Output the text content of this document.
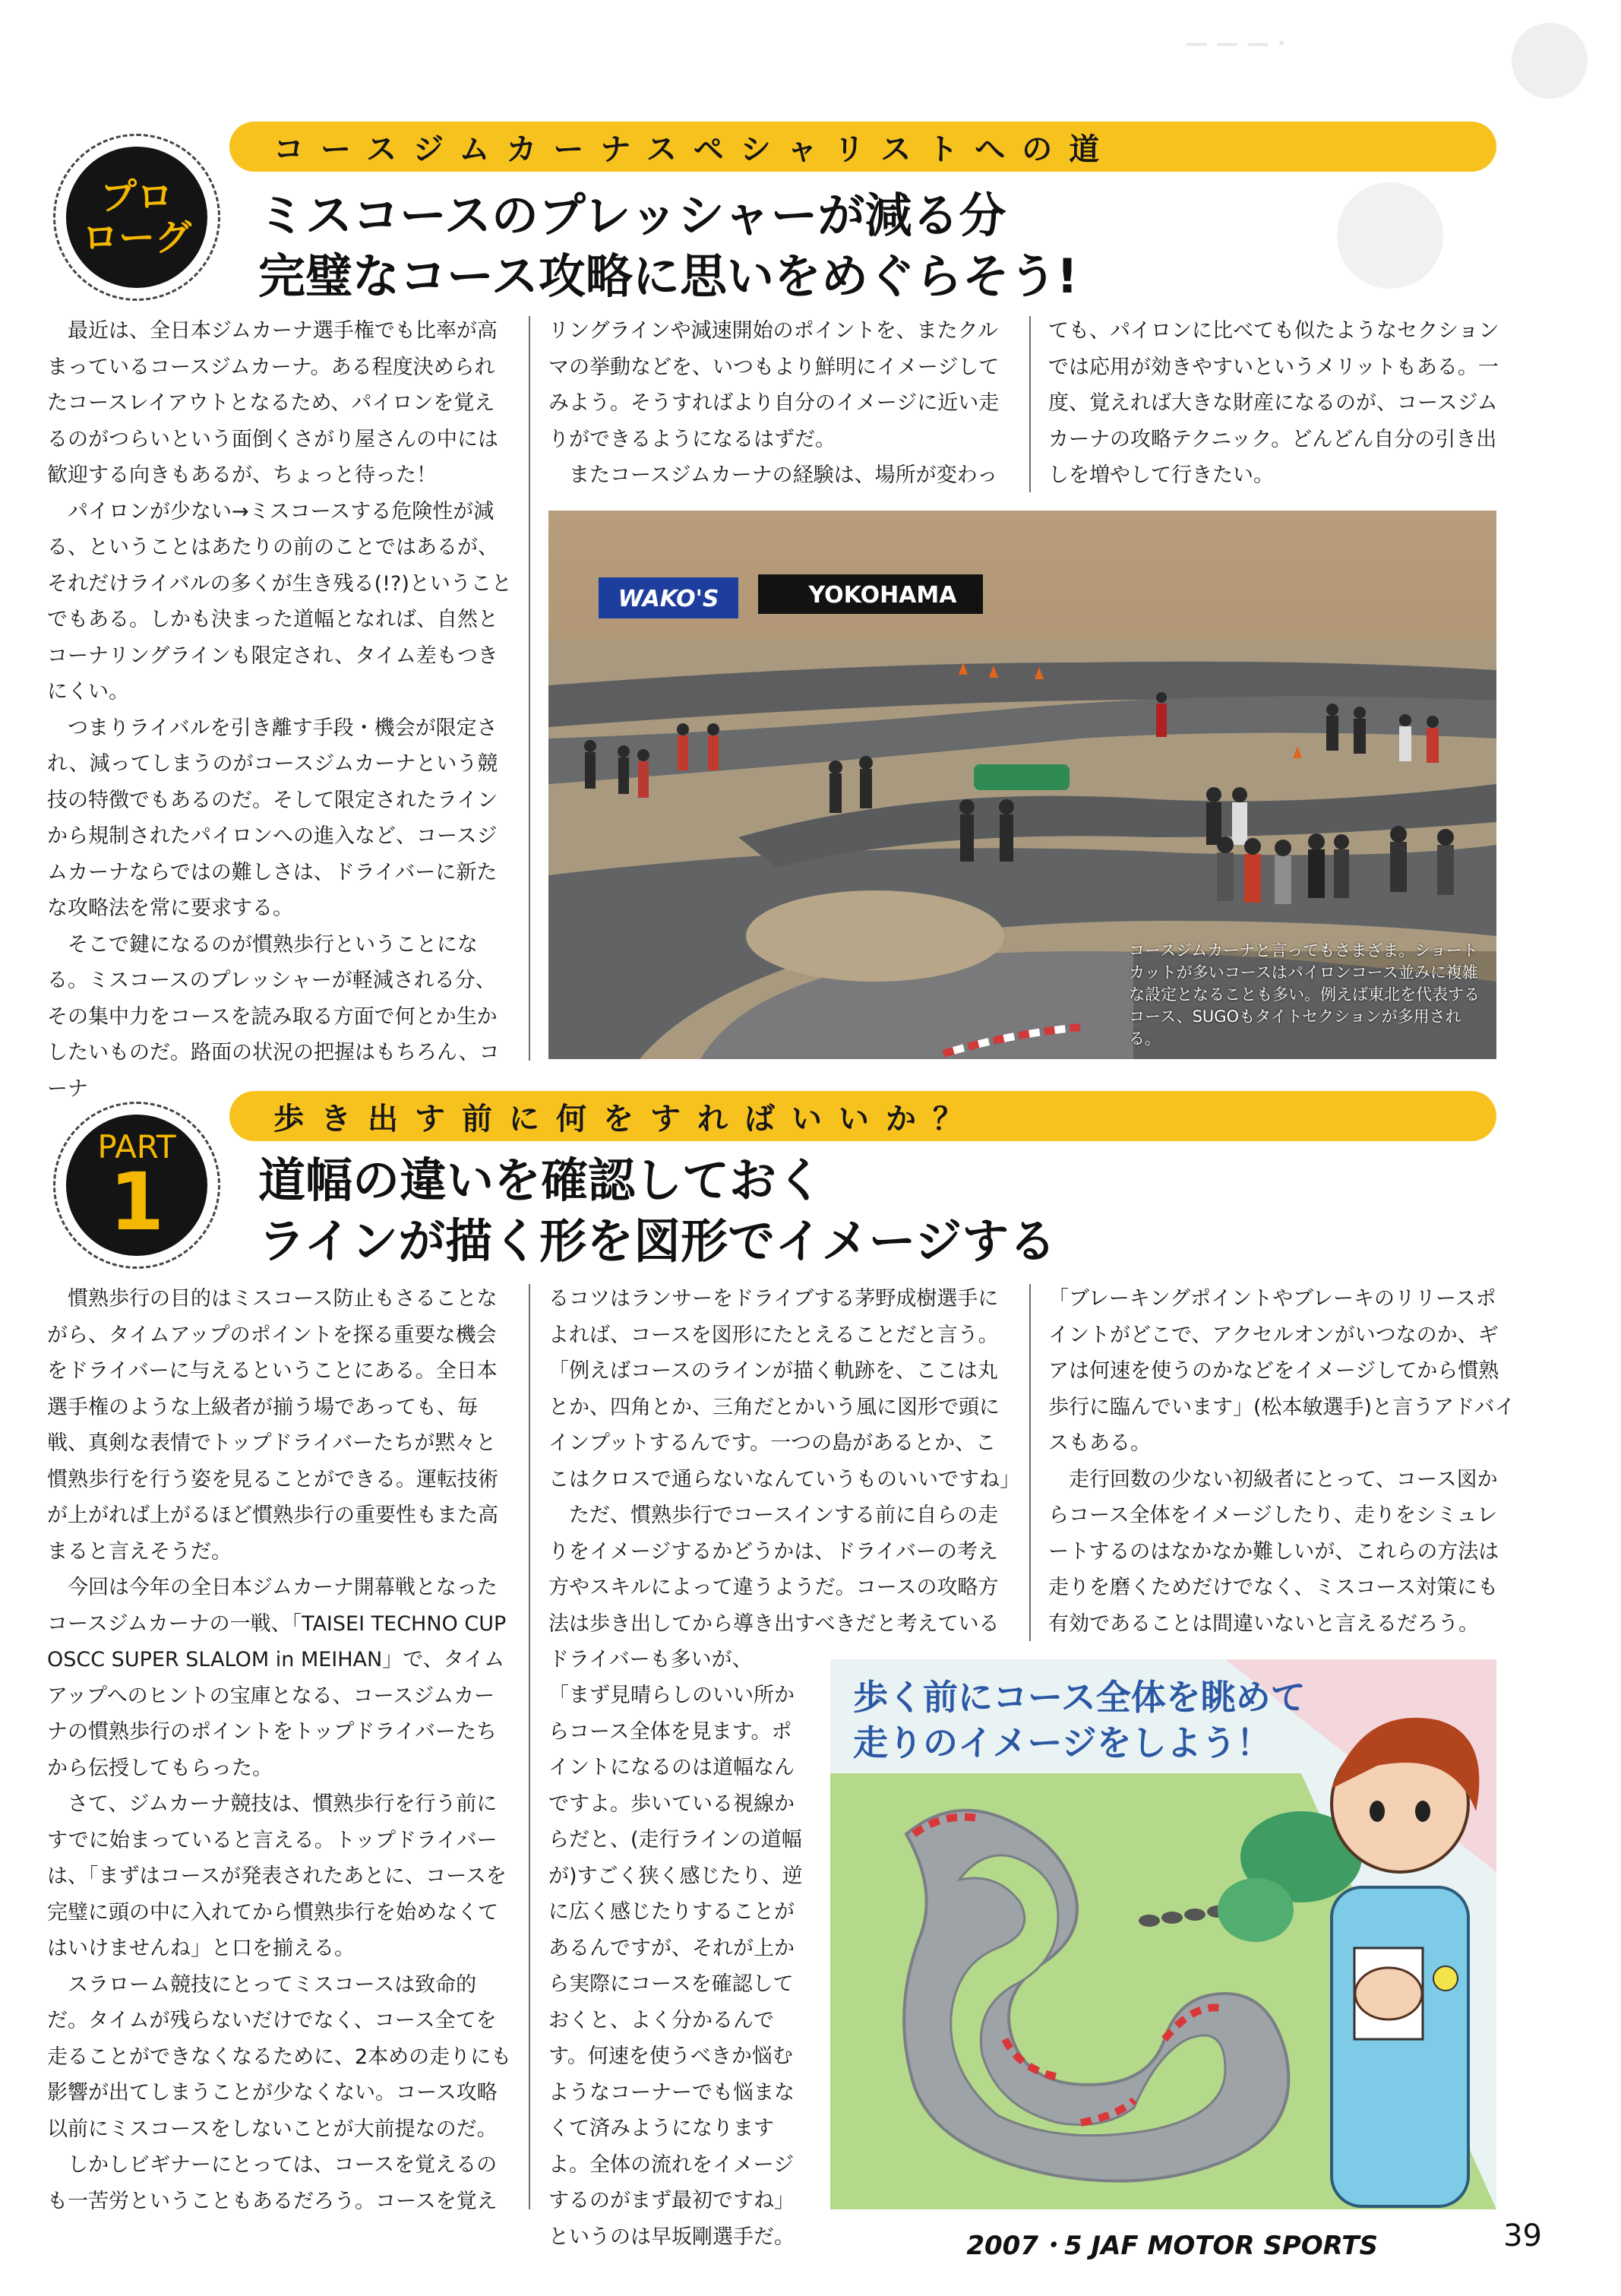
— — — ·
コースジムカーナスペシャリストへの道
プロ
ローグ ミスコースのプレッシャーが減る分
完璧なコース攻略に思いをめぐらそう!

最近は、全日本ジムカーナ選手権でも比率が高まっているコースジムカーナ。ある程度決められたコースレイアウトとなるため、パイロンを覚えるのがつらいという面倒くさがり屋さんの中には歓迎する向きもあるが、ちょっと待った！

パイロンが少ない→ミスコースする危険性が減る、ということはあたりの前のことではあるが、それだけライバルの多くが生き残る(!?)ということでもある。しかも決まった道幅となれば、自然とコーナリングラインも限定され、タイム差もつきにくい。

つまりライバルを引き離す手段・機会が限定され、減ってしまうのがコースジムカーナという競技の特徴でもあるのだ。そして限定されたラインから規制されたパイロンへの進入など、コースジムカーナならではの難しさは、ドライバーに新たな攻略法を常に要求する。

そこで鍵になるのが慣熟歩行ということになる。ミスコースのプレッシャーが軽減される分、その集中力をコースを読み取る方面で何とか生かしたいものだ。路面の状況の把握はもちろん、コーナ

リングラインや減速開始のポイントを、またクルマの挙動などを、いつもより鮮明にイメージしてみよう。そうすればより自分のイメージに近い走りができるようになるはずだ。

またコースジムカーナの経験は、場所が変わっ

ても、パイロンに比べても似たようなセクションでは応用が効きやすいというメリットもある。一度、覚えれば大きな財産になるのが、コースジムカーナの攻略テクニック。どんどん自分の引き出しを増やして行きたい。

WAKO'S	YOKOHAMA
コースジムカーナと言ってもさまざま。ショートカットが多いコースはパイロンコース並みに複雑な設定となることも多い。例えば東北を代表するコース、SUGOもタイトセクションが多用される。
歩き出す前に何をすればいいか？
PART
1 道幅の違いを確認しておく
ラインが描く形を図形でイメージする

慣熟歩行の目的はミスコース防止もさることながら、タイムアップのポイントを探る重要な機会をドライバーに与えるということにある。全日本選手権のような上級者が揃う場であっても、毎戦、真剣な表情でトップドライバーたちが黙々と慣熟歩行を行う姿を見ることができる。運転技術が上がれば上がるほど慣熟歩行の重要性もまた高まると言えそうだ。

今回は今年の全日本ジムカーナ開幕戦となったコースジムカーナの一戦、「TAISEI TECHNO CUP OSCC SUPER SLALOM in MEIHAN」で、タイムアップへのヒントの宝庫となる、コースジムカーナの慣熟歩行のポイントをトップドライバーたちから伝授してもらった。

さて、ジムカーナ競技は、慣熟歩行を行う前にすでに始まっていると言える。トップドライバーは、「まずはコースが発表されたあとに、コースを完璧に頭の中に入れてから慣熟歩行を始めなくてはいけませんね」と口を揃える。

スラローム競技にとってミスコースは致命的だ。タイムが残らないだけでなく、コース全てを走ることができなくなるために、2本めの走りにも影響が出てしまうことが少なくない。コース攻略以前にミスコースをしないことが大前提なのだ。

しかしビギナーにとっては、コースを覚えるのも一苦労ということもあるだろう。コースを覚え

るコツはランサーをドライブする茅野成樹選手によれば、コースを図形にたとえることだと言う。「例えばコースのラインが描く軌跡を、ここは丸とか、四角とか、三角だとかいう風に図形で頭にインプットするんです。一つの島があるとか、ここはクロスで通らないなんていうものいいですね」

ただ、慣熟歩行でコースインする前に自らの走りをイメージするかどうかは、ドライバーの考え方やスキルによって違うようだ。コースの攻略方法は歩き出してから導き出すべきだと考えているドライバーも多いが、

「まず見晴らしのいい所からコース全体を見ます。ポイントになるのは道幅なんですよ。歩いている視線からだと、(走行ラインの道幅が)すごく狭く感じたり、逆に広く感じたりすることがあるんですが、それが上から実際にコースを確認しておくと、よく分かるんです。何速を使うべきか悩むようなコーナーでも悩まなくて済みようになりますよ。全体の流れをイメージするのがまず最初ですね」というのは早坂剛選手だ。

「ブレーキングポイントやブレーキのリリースポイントがどこで、アクセルオンがいつなのか、ギアは何速を使うのかなどをイメージしてから慣熟歩行に臨んでいます」(松本敏選手)と言うアドバイスもある。

走行回数の少ない初級者にとって、コース図からコース全体をイメージしたり、走りをシミュレートするのはなかなか難しいが、これらの方法は走りを磨くためだけでなく、ミスコース対策にも有効であることは間違いないと言えるだろう。

歩く前にコース全体を眺めて
走りのイメージをしよう！
2007・5 JAF MOTOR SPORTS	39
